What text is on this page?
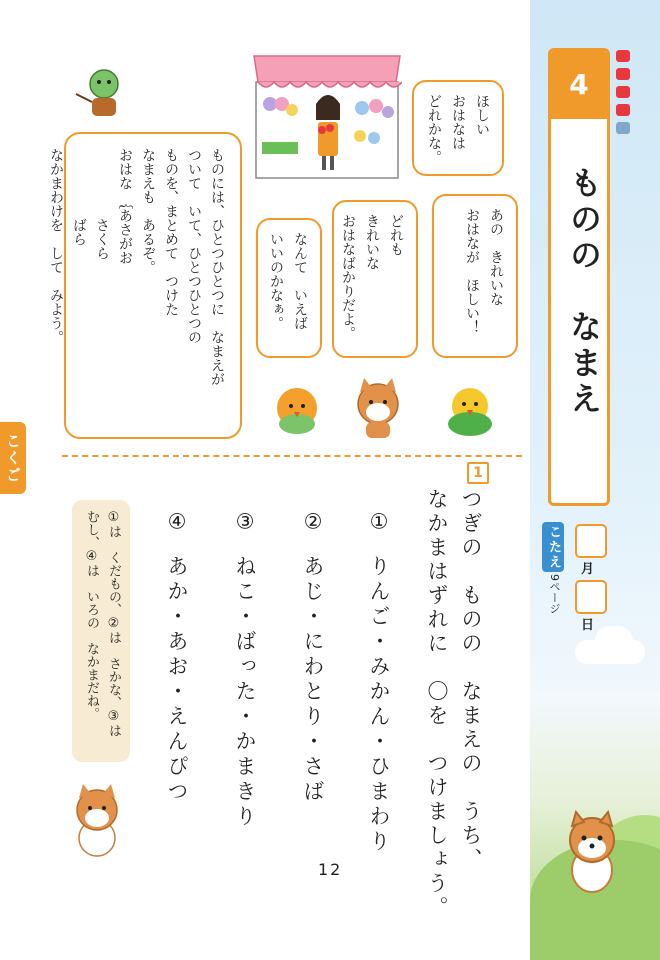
4
ものの　なまえ
こたえ
9ページ
月
日
こくご
ほしい
おはなは
どれかな。
あの　きれいな
おはなが　ほしい！
どれも
きれいな
おはなばかりだよ。
なんて　いえば
いいのかなぁ。
ものには、ひとつひとつに　なまえが
ついて　いて、ひとつひとつの
ものを、まとめて　つけた
なまえも　あるぞ。
おはな ｛あさがお
　　　　　さくら
　　　　　ばら
なかまわけを　して　みよう。
1
つぎの　ものの　なまえの　うち、
なかまはずれに　〇を　つけましょう。

①りんご・みかん・ひまわり

②あじ・にわとり・さば

③ねこ・ばった・かまきり

④あか・あお・えんぴつ

①は　くだもの、②は　さかな、③は
むし、④は　いろの　なかまだね。
12
